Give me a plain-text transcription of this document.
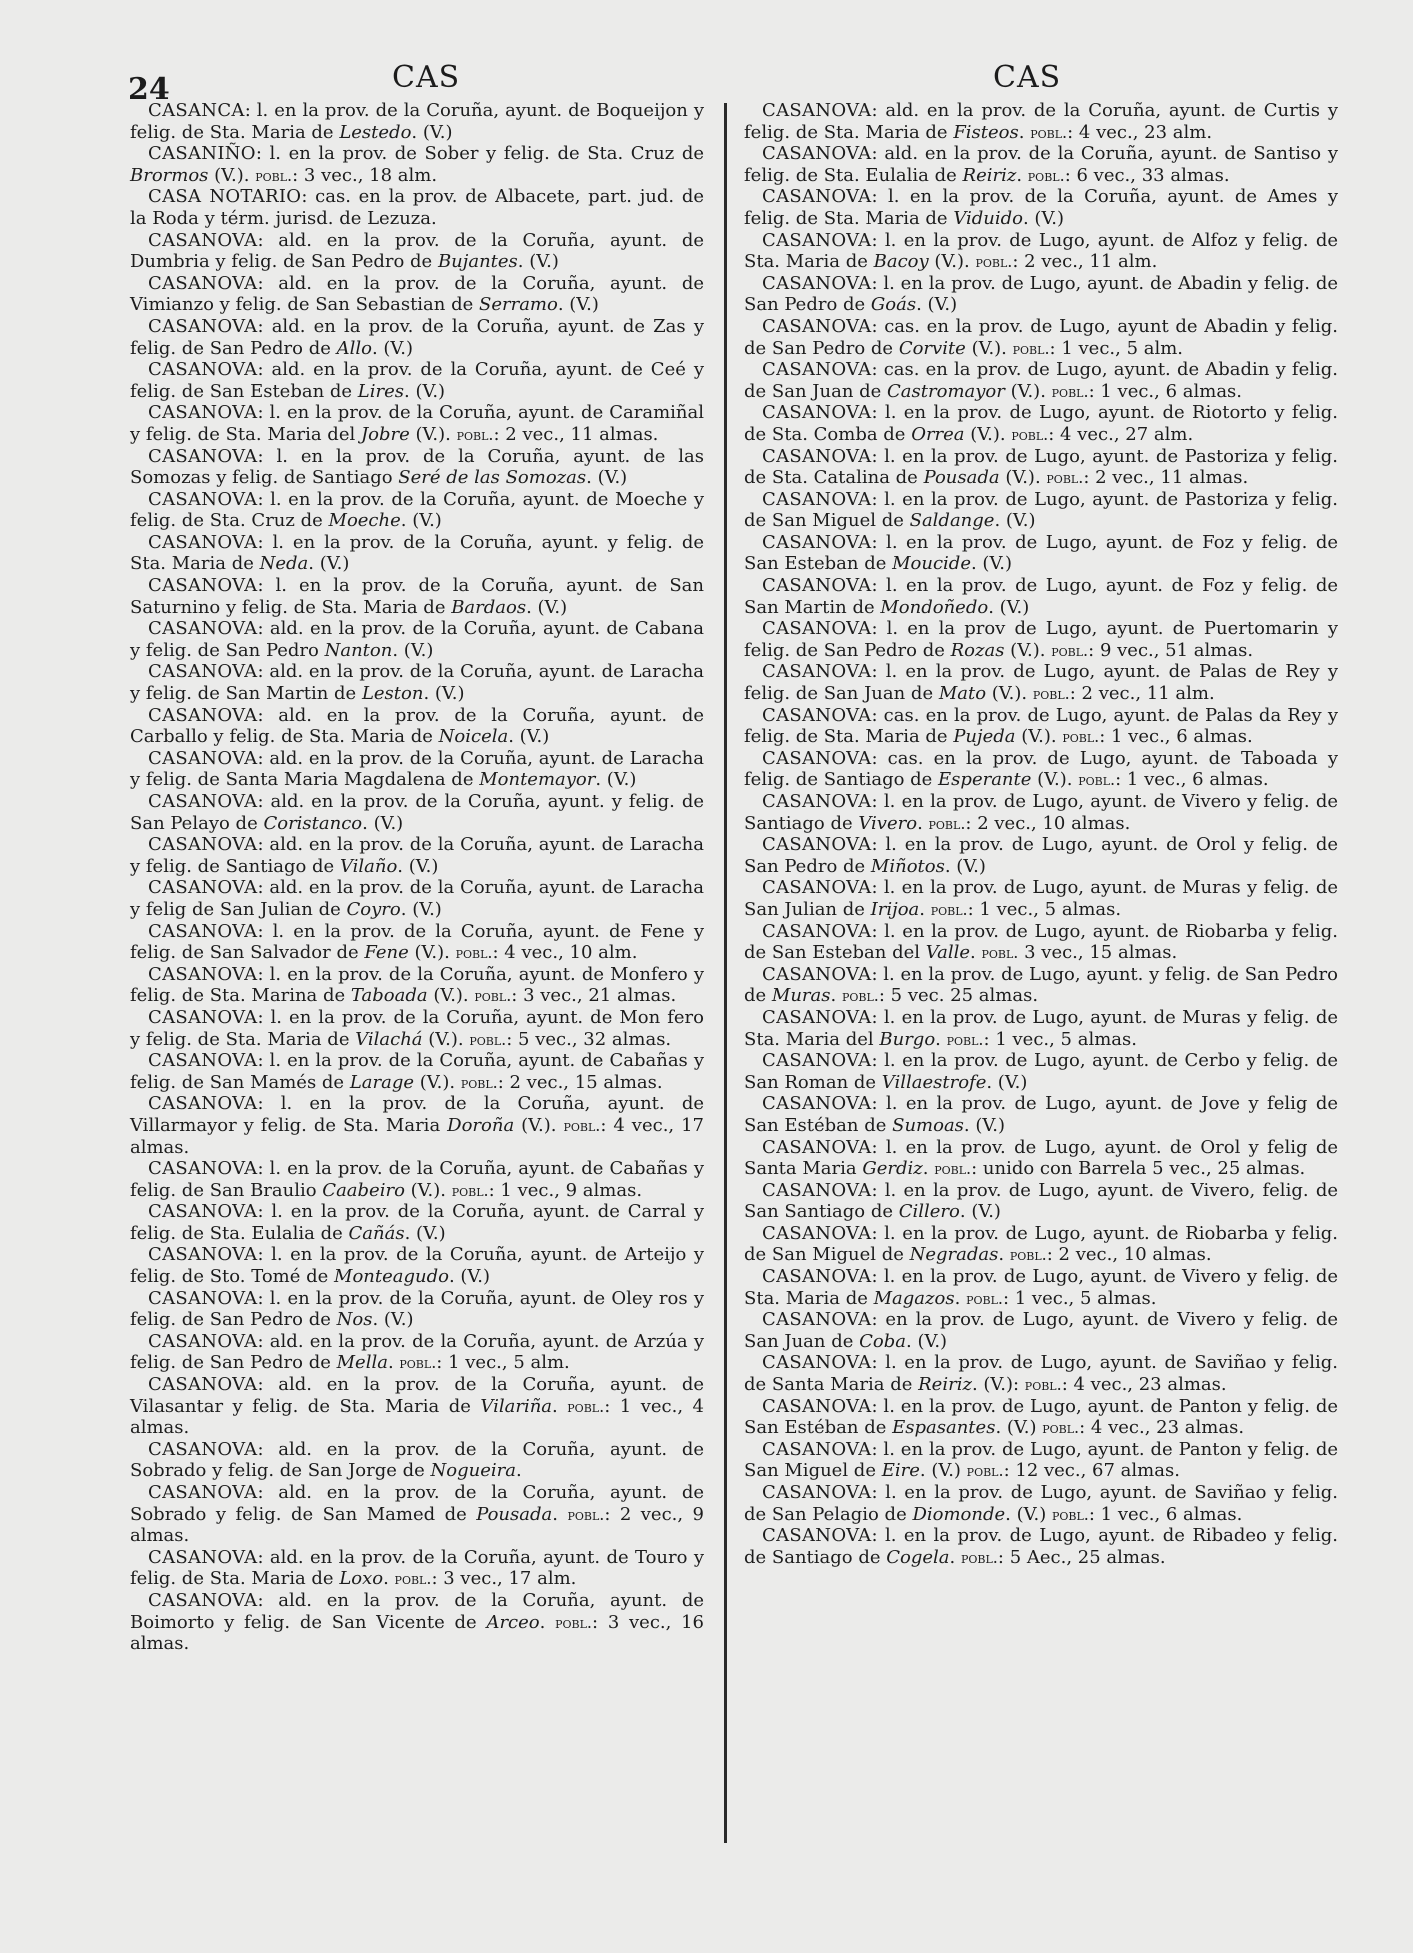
24	CAS	CAS

CASANCA: l. en la prov. de la Coruña, ayunt. de Boqueijon y felig. de Sta. Maria de Lestedo. (V.)

CASANIÑO: l. en la prov. de Sober y felig. de Sta. Cruz de Brormos (V.). pobl.: 3 vec., 18 alm.

CASA NOTARIO: cas. en la prov. de Albacete, part. jud. de la Roda y térm. jurisd. de Lezuza.

CASANOVA: ald. en la prov. de la Coruña, ayunt. de Dumbria y felig. de San Pedro de Bujantes. (V.)

CASANOVA: ald. en la prov. de la Coruña, ayunt. de Vimianzo y felig. de San Sebastian de Serramo. (V.)

CASANOVA: ald. en la prov. de la Coruña, ayunt. de Zas y felig. de San Pedro de Allo. (V.)

CASANOVA: ald. en la prov. de la Coruña, ayunt. de Ceé y felig. de San Esteban de Lires. (V.)

CASANOVA: l. en la prov. de la Coruña, ayunt. de Caramiñal y felig. de Sta. Maria del Jobre (V.). pobl.: 2 vec., 11 almas.

CASANOVA: l. en la prov. de la Coruña, ayunt. de las Somozas y felig. de Santiago Seré de las Somozas. (V.)

CASANOVA: l. en la prov. de la Coruña, ayunt. de Moeche y felig. de Sta. Cruz de Moeche. (V.)

CASANOVA: l. en la prov. de la Coruña, ayunt. y felig. de Sta. Maria de Neda. (V.)

CASANOVA: l. en la prov. de la Coruña, ayunt. de San Saturnino y felig. de Sta. Maria de Bardaos. (V.)

CASANOVA: ald. en la prov. de la Coruña, ayunt. de Cabana y felig. de San Pedro Nanton. (V.)

CASANOVA: ald. en la prov. de la Coruña, ayunt. de Laracha y felig. de San Martin de Leston. (V.)

CASANOVA: ald. en la prov. de la Coruña, ayunt. de Carballo y felig. de Sta. Maria de Noicela. (V.)

CASANOVA: ald. en la prov. de la Coruña, ayunt. de Laracha y felig. de Santa Maria Magdalena de Montemayor. (V.)

CASANOVA: ald. en la prov. de la Coruña, ayunt. y felig. de San Pelayo de Coristanco. (V.)

CASANOVA: ald. en la prov. de la Coruña, ayunt. de Laracha y felig. de Santiago de Vilaño. (V.)

CASANOVA: ald. en la prov. de la Coruña, ayunt. de Laracha y felig de San Julian de Coyro. (V.)

CASANOVA: l. en la prov. de la Coruña, ayunt. de Fene y felig. de San Salvador de Fene (V.). pobl.: 4 vec., 10 alm.

CASANOVA: l. en la prov. de la Coruña, ayunt. de Monfero y felig. de Sta. Marina de Taboada (V.). pobl.: 3 vec., 21 almas.

CASANOVA: l. en la prov. de la Coruña, ayunt. de Mon fero y felig. de Sta. Maria de Vilachá (V.). pobl.: 5 vec., 32 almas.

CASANOVA: l. en la prov. de la Coruña, ayunt. de Cabañas y felig. de San Mamés de Larage (V.). pobl.: 2 vec., 15 almas.

CASANOVA: l. en la prov. de la Coruña, ayunt. de Villarmayor y felig. de Sta. Maria Doroña (V.). pobl.: 4 vec., 17 almas.

CASANOVA: l. en la prov. de la Coruña, ayunt. de Cabañas y felig. de San Braulio Caabeiro (V.). pobl.: 1 vec., 9 almas.

CASANOVA: l. en la prov. de la Coruña, ayunt. de Carral y felig. de Sta. Eulalia de Cañás. (V.)

CASANOVA: l. en la prov. de la Coruña, ayunt. de Arteijo y felig. de Sto. Tomé de Monteagudo. (V.)

CASANOVA: l. en la prov. de la Coruña, ayunt. de Oley ros y felig. de San Pedro de Nos. (V.)

CASANOVA: ald. en la prov. de la Coruña, ayunt. de Arzúa y felig. de San Pedro de Mella. pobl.: 1 vec., 5 alm.

CASANOVA: ald. en la prov. de la Coruña, ayunt. de Vilasantar y felig. de Sta. Maria de Vilariña. pobl.: 1 vec., 4 almas.

CASANOVA: ald. en la prov. de la Coruña, ayunt. de Sobrado y felig. de San Jorge de Nogueira.

CASANOVA: ald. en la prov. de la Coruña, ayunt. de Sobrado y felig. de San Mamed de Pousada. pobl.: 2 vec., 9 almas.

CASANOVA: ald. en la prov. de la Coruña, ayunt. de Touro y felig. de Sta. Maria de Loxo. pobl.: 3 vec., 17 alm.

CASANOVA: ald. en la prov. de la Coruña, ayunt. de Boimorto y felig. de San Vicente de Arceo. pobl.: 3 vec., 16 almas.

CASANOVA: ald. en la prov. de la Coruña, ayunt. de Curtis y felig. de Sta. Maria de Fisteos. pobl.: 4 vec., 23 alm.

CASANOVA: ald. en la prov. de la Coruña, ayunt. de Santiso y felig. de Sta. Eulalia de Reiriz. pobl.: 6 vec., 33 almas.

CASANOVA: l. en la prov. de la Coruña, ayunt. de Ames y felig. de Sta. Maria de Viduido. (V.)

CASANOVA: l. en la prov. de Lugo, ayunt. de Alfoz y felig. de Sta. Maria de Bacoy (V.). pobl.: 2 vec., 11 alm.

CASANOVA: l. en la prov. de Lugo, ayunt. de Abadin y felig. de San Pedro de Goás. (V.)

CASANOVA: cas. en la prov. de Lugo, ayunt de Abadin y felig. de San Pedro de Corvite (V.). pobl.: 1 vec., 5 alm.

CASANOVA: cas. en la prov. de Lugo, ayunt. de Abadin y felig. de San Juan de Castromayor (V.). pobl.: 1 vec., 6 almas.

CASANOVA: l. en la prov. de Lugo, ayunt. de Riotorto y felig. de Sta. Comba de Orrea (V.). pobl.: 4 vec., 27 alm.

CASANOVA: l. en la prov. de Lugo, ayunt. de Pastoriza y felig. de Sta. Catalina de Pousada (V.). pobl.: 2 vec., 11 almas.

CASANOVA: l. en la prov. de Lugo, ayunt. de Pastoriza y felig. de San Miguel de Saldange. (V.)

CASANOVA: l. en la prov. de Lugo, ayunt. de Foz y felig. de San Esteban de Moucide. (V.)

CASANOVA: l. en la prov. de Lugo, ayunt. de Foz y felig. de San Martin de Mondoñedo. (V.)

CASANOVA: l. en la prov de Lugo, ayunt. de Puertomarin y felig. de San Pedro de Rozas (V.). pobl.: 9 vec., 51 almas.

CASANOVA: l. en la prov. de Lugo, ayunt. de Palas de Rey y felig. de San Juan de Mato (V.). pobl.: 2 vec., 11 alm.

CASANOVA: cas. en la prov. de Lugo, ayunt. de Palas da Rey y felig. de Sta. Maria de Pujeda (V.). pobl.: 1 vec., 6 almas.

CASANOVA: cas. en la prov. de Lugo, ayunt. de Taboada y felig. de Santiago de Esperante (V.). pobl.: 1 vec., 6 almas.

CASANOVA: l. en la prov. de Lugo, ayunt. de Vivero y felig. de Santiago de Vivero. pobl.: 2 vec., 10 almas.

CASANOVA: l. en la prov. de Lugo, ayunt. de Orol y felig. de San Pedro de Miñotos. (V.)

CASANOVA: l. en la prov. de Lugo, ayunt. de Muras y felig. de San Julian de Irijoa. pobl.: 1 vec., 5 almas.

CASANOVA: l. en la prov. de Lugo, ayunt. de Riobarba y felig. de San Esteban del Valle. pobl. 3 vec., 15 almas.

CASANOVA: l. en la prov. de Lugo, ayunt. y felig. de San Pedro de Muras. pobl.: 5 vec. 25 almas.

CASANOVA: l. en la prov. de Lugo, ayunt. de Muras y felig. de Sta. Maria del Burgo. pobl.: 1 vec., 5 almas.

CASANOVA: l. en la prov. de Lugo, ayunt. de Cerbo y felig. de San Roman de Villaestrofe. (V.)

CASANOVA: l. en la prov. de Lugo, ayunt. de Jove y felig de San Estéban de Sumoas. (V.)

CASANOVA: l. en la prov. de Lugo, ayunt. de Orol y felig de Santa Maria Gerdiz. pobl.: unido con Barrela 5 vec., 25 almas.

CASANOVA: l. en la prov. de Lugo, ayunt. de Vivero, felig. de San Santiago de Cillero. (V.)

CASANOVA: l. en la prov. de Lugo, ayunt. de Riobarba y felig. de San Miguel de Negradas. pobl.: 2 vec., 10 almas.

CASANOVA: l. en la prov. de Lugo, ayunt. de Vivero y felig. de Sta. Maria de Magazos. pobl.: 1 vec., 5 almas.

CASANOVA: en la prov. de Lugo, ayunt. de Vivero y felig. de San Juan de Coba. (V.)

CASANOVA: l. en la prov. de Lugo, ayunt. de Saviñao y felig. de Santa Maria de Reiriz. (V.): pobl.: 4 vec., 23 almas.

CASANOVA: l. en la prov. de Lugo, ayunt. de Panton y felig. de San Estéban de Espasantes. (V.) pobl.: 4 vec., 23 almas.

CASANOVA: l. en la prov. de Lugo, ayunt. de Panton y felig. de San Miguel de Eire. (V.) pobl.: 12 vec., 67 almas.

CASANOVA: l. en la prov. de Lugo, ayunt. de Saviñao y felig. de San Pelagio de Diomonde. (V.) pobl.: 1 vec., 6 almas.

CASANOVA: l. en la prov. de Lugo, ayunt. de Ribadeo y felig. de Santiago de Cogela. pobl.: 5 Aec., 25 almas.
